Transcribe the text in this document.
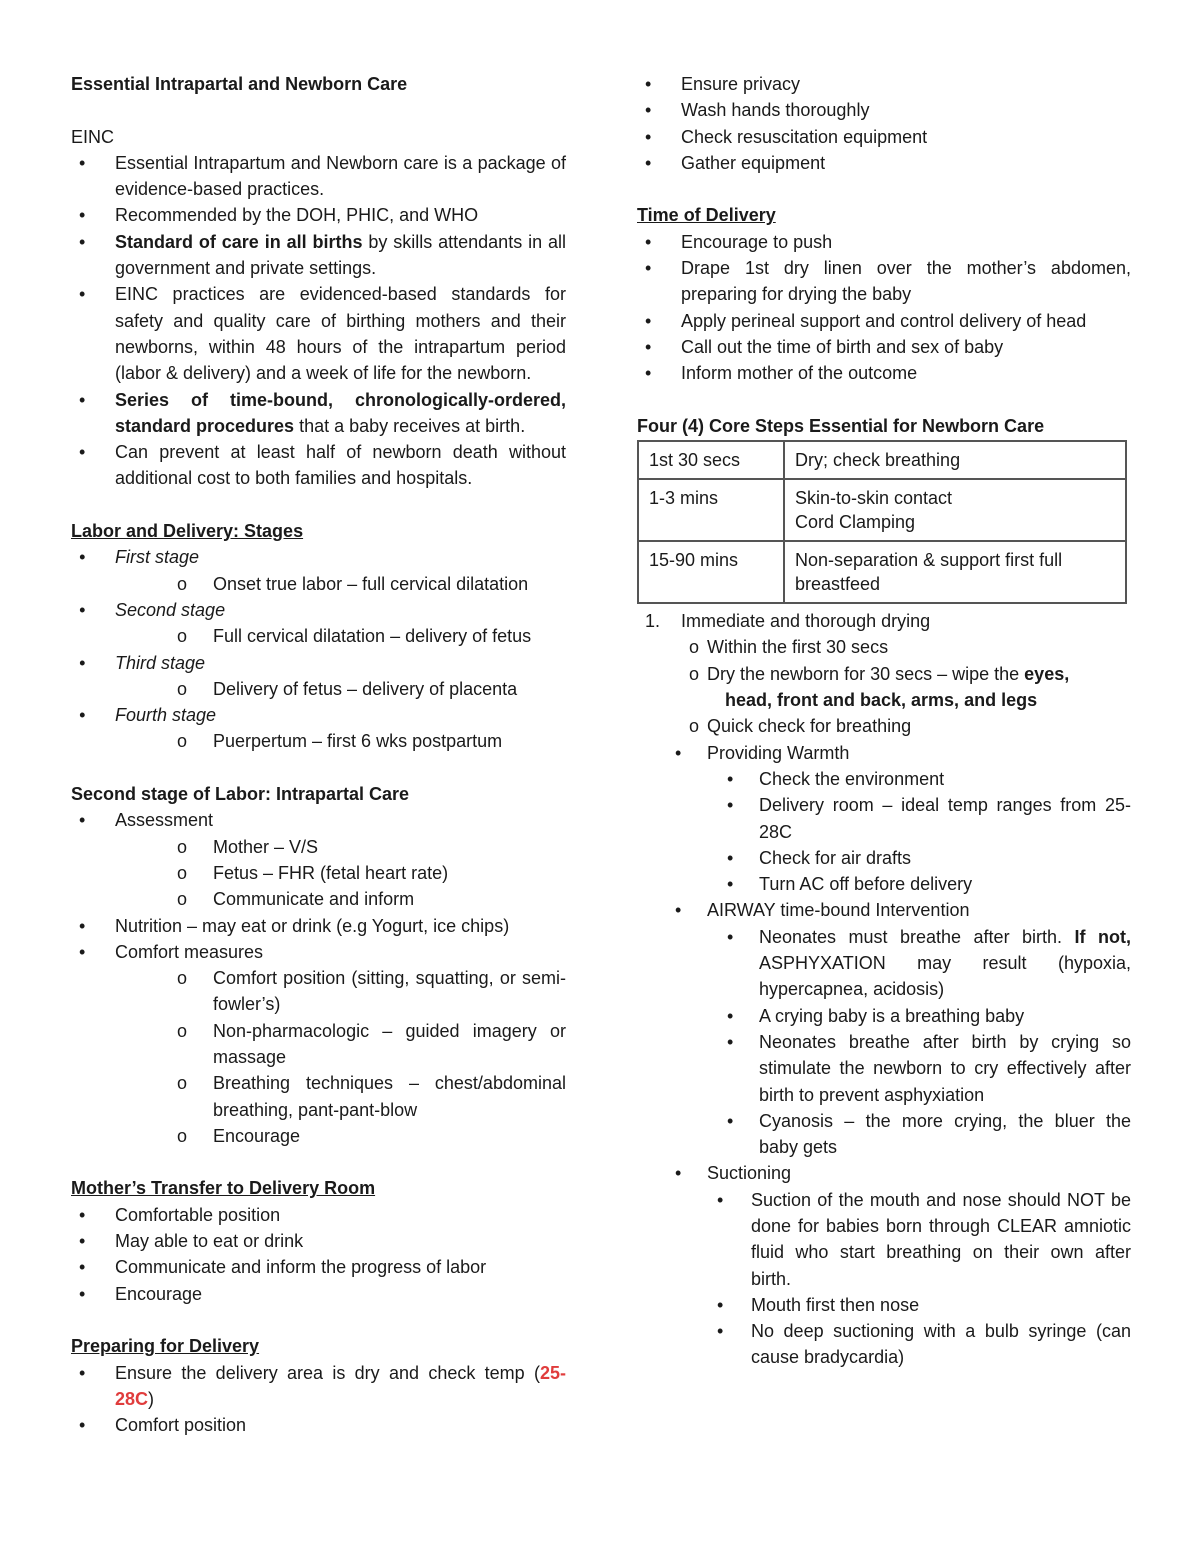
Essential Intrapartal and Newborn Care

EINC

• Essential Intrapartum and Newborn care is a package of evidence-based practices.

• Recommended by the DOH, PHIC, and WHO

• Standard of care in all births by skills attendants in all government and private settings.

• EINC practices are evidenced-based standards for safety and quality care of birthing mothers and their newborns, within 48 hours of the intrapartum period (labor & delivery) and a week of life for the newborn.

• Series of time-bound, chronologically-ordered, standard procedures that a baby receives at birth.

• Can prevent at least half of newborn death without additional cost to both families and hospitals.

Labor and Delivery: Stages

• First stage

o Onset true labor – full cervical dilatation

• Second stage

o Full cervical dilatation – delivery of fetus

• Third stage

o Delivery of fetus – delivery of placenta

• Fourth stage

o Puerpertum – first 6 wks postpartum

Second stage of Labor: Intrapartal Care

• Assessment

o Mother – V/S

o Fetus – FHR (fetal heart rate)

o Communicate and inform

• Nutrition – may eat or drink (e.g Yogurt, ice chips)

• Comfort measures

o Comfort position (sitting, squatting, or semi-fowler’s)

o Non-pharmacologic – guided imagery or massage

o Breathing techniques – chest/abdominal breathing, pant-pant-blow

o Encourage

Mother’s Transfer to Delivery Room

• Comfortable position

• May able to eat or drink

• Communicate and inform the progress of labor

• Encourage

Preparing for Delivery

• Ensure the delivery area is dry and check temp (25-28C)

• Comfort position

• Ensure privacy

• Wash hands thoroughly

• Check resuscitation equipment

• Gather equipment

Time of Delivery

• Encourage to push

• Drape 1st dry linen over the mother’s abdomen, preparing for drying the baby

• Apply perineal support and control delivery of head

• Call out the time of birth and sex of baby

• Inform mother of the outcome

Four (4) Core Steps Essential for Newborn Care

1st 30 secs	Dry; check breathing
1-3 mins	Skin-to-skin contact
Cord Clamping

15-90 mins	Non-separation & support first full breastfeed

1. Immediate and thorough drying

o Within the first 30 secs

o Dry the newborn for 30 secs – wipe the eyes,

head, front and back, arms, and legs

o Quick check for breathing

• Providing Warmth

• Check the environment

• Delivery room – ideal temp ranges from 25-28C

• Check for air drafts

• Turn AC off before delivery

• AIRWAY time-bound Intervention

• Neonates must breathe after birth. If not, ASPHYXATION may result (hypoxia, hypercapnea, acidosis)

• A crying baby is a breathing baby

• Neonates breathe after birth by crying so stimulate the newborn to cry effectively after birth to prevent asphyxiation

• Cyanosis – the more crying, the bluer the baby gets

• Suctioning

• Suction of the mouth and nose should NOT be done for babies born through CLEAR amniotic fluid who start breathing on their own after birth.

• Mouth first then nose

• No deep suctioning with a bulb syringe (can cause bradycardia)
